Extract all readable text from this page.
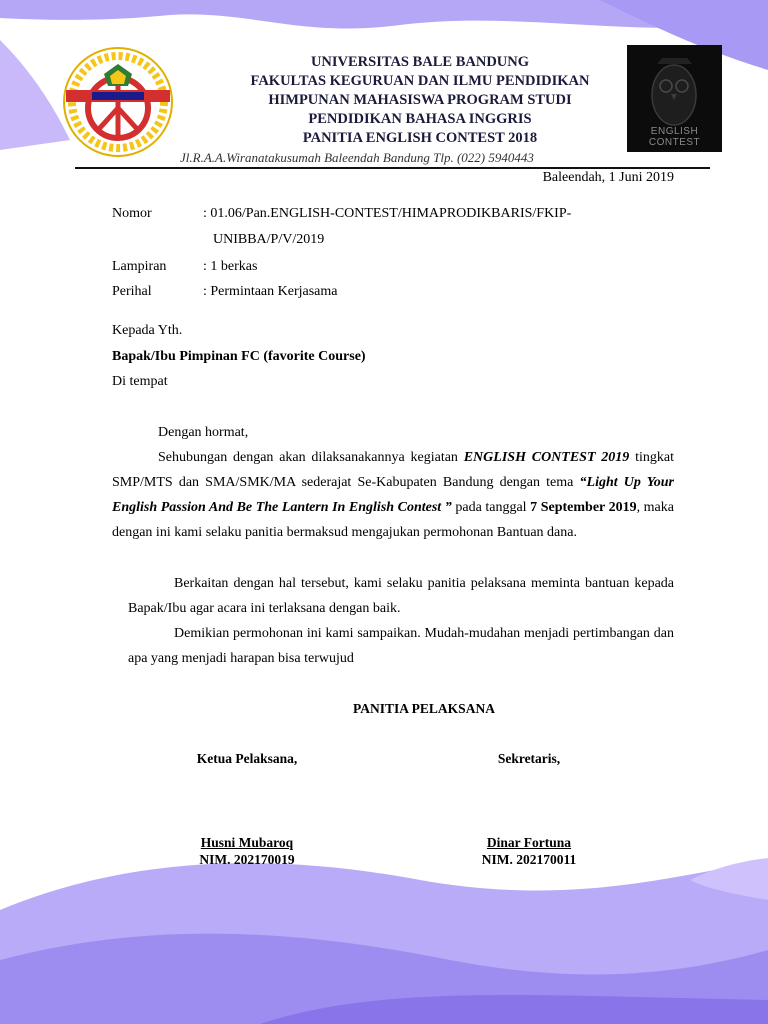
ENGLISH CONTEST
UNIVERSITAS BALE BANDUNG
FAKULTAS KEGURUAN DAN ILMU PENDIDIKAN
HIMPUNAN MAHASISWA PROGRAM STUDI
PENDIDIKAN BAHASA INGGRIS
PANITIA ENGLISH CONTEST 2018
Jl.R.A.A.Wiranatakusumah Baleendah Bandung Tlp. (022) 5940443
Baleendah, 1 Juni 2019
Nomor	: 01.06/Pan.ENGLISH-CONTEST/HIMAPRODIKBARIS/FKIP-
UNIBBA/P/V/2019
Lampiran	: 1 berkas
Perihal	: Permintaan Kerjasama
Kepada Yth.
Bapak/Ibu Pimpinan FC (favorite Course)
Di tempat
Dengan hormat,
Sehubungan dengan akan dilaksanakannya kegiatan ENGLISH CONTEST 2019 tingkat SMP/MTS dan SMA/SMK/MA sederajat Se-Kabupaten Bandung dengan tema “Light Up Your English Passion And Be The Lantern In English Contest ” pada tanggal 7 September 2019, maka dengan ini kami selaku panitia bermaksud mengajukan permohonan Bantuan dana.
Berkaitan dengan hal tersebut, kami selaku panitia pelaksana meminta bantuan kepada Bapak/Ibu agar acara ini terlaksana dengan baik.
Demikian permohonan ini kami sampaikan. Mudah-mudahan menjadi pertimbangan dan apa yang menjadi harapan bisa terwujud
PANITIA PELAKSANA
Ketua Pelaksana,
Husni Mubaroq
NIM. 202170019
Sekretaris,
Dinar Fortuna
NIM. 202170011
